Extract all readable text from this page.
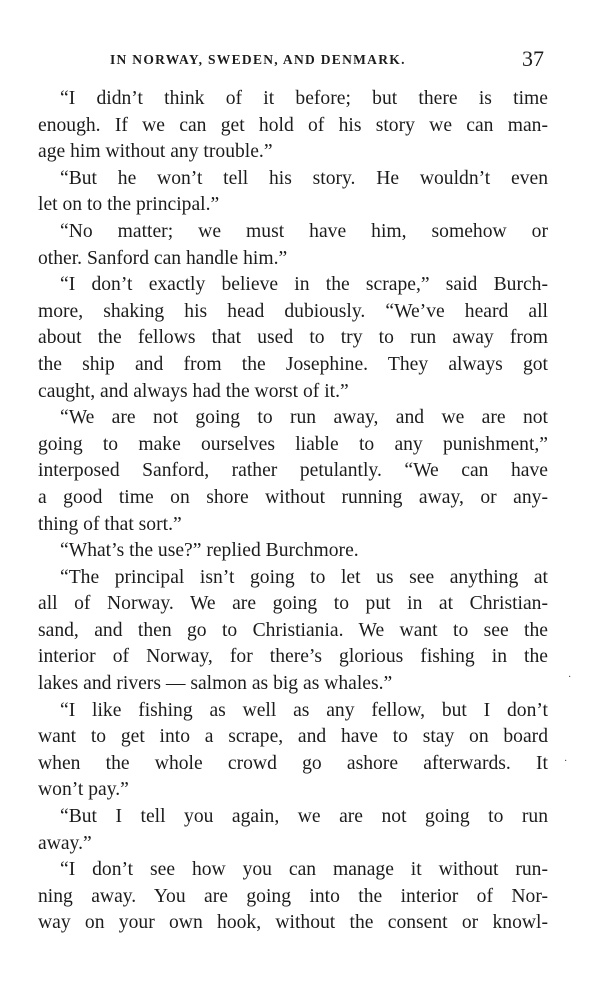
IN NORWAY, SWEDEN, AND DENMARK.	37
“I didn’t think of it before; but there is time
enough. If we can get hold of his story we can man-
age him without any trouble.”
“But he won’t tell his story. He wouldn’t even
let on to the principal.”
“No matter; we must have him, somehow or
other. Sanford can handle him.”
“I don’t exactly believe in the scrape,” said Burch-
more, shaking his head dubiously. “We’ve heard all
about the fellows that used to try to run away from
the ship and from the Josephine. They always got
caught, and always had the worst of it.”
“We are not going to run away, and we are not
going to make ourselves liable to any punishment,”
interposed Sanford, rather petulantly. “We can have
a good time on shore without running away, or any-
thing of that sort.”
“What’s the use?” replied Burchmore.
“The principal isn’t going to let us see anything at
all of Norway. We are going to put in at Christian-
sand, and then go to Christiania. We want to see the
interior of Norway, for there’s glorious fishing in the
lakes and rivers — salmon as big as whales.”
“I like fishing as well as any fellow, but I don’t
want to get into a scrape, and have to stay on board
when the whole crowd go ashore afterwards. It
won’t pay.”
“But I tell you again, we are not going to run
away.”
“I don’t see how you can manage it without run-
ning away. You are going into the interior of Nor-
way on your own hook, without the consent or knowl-
·
·
